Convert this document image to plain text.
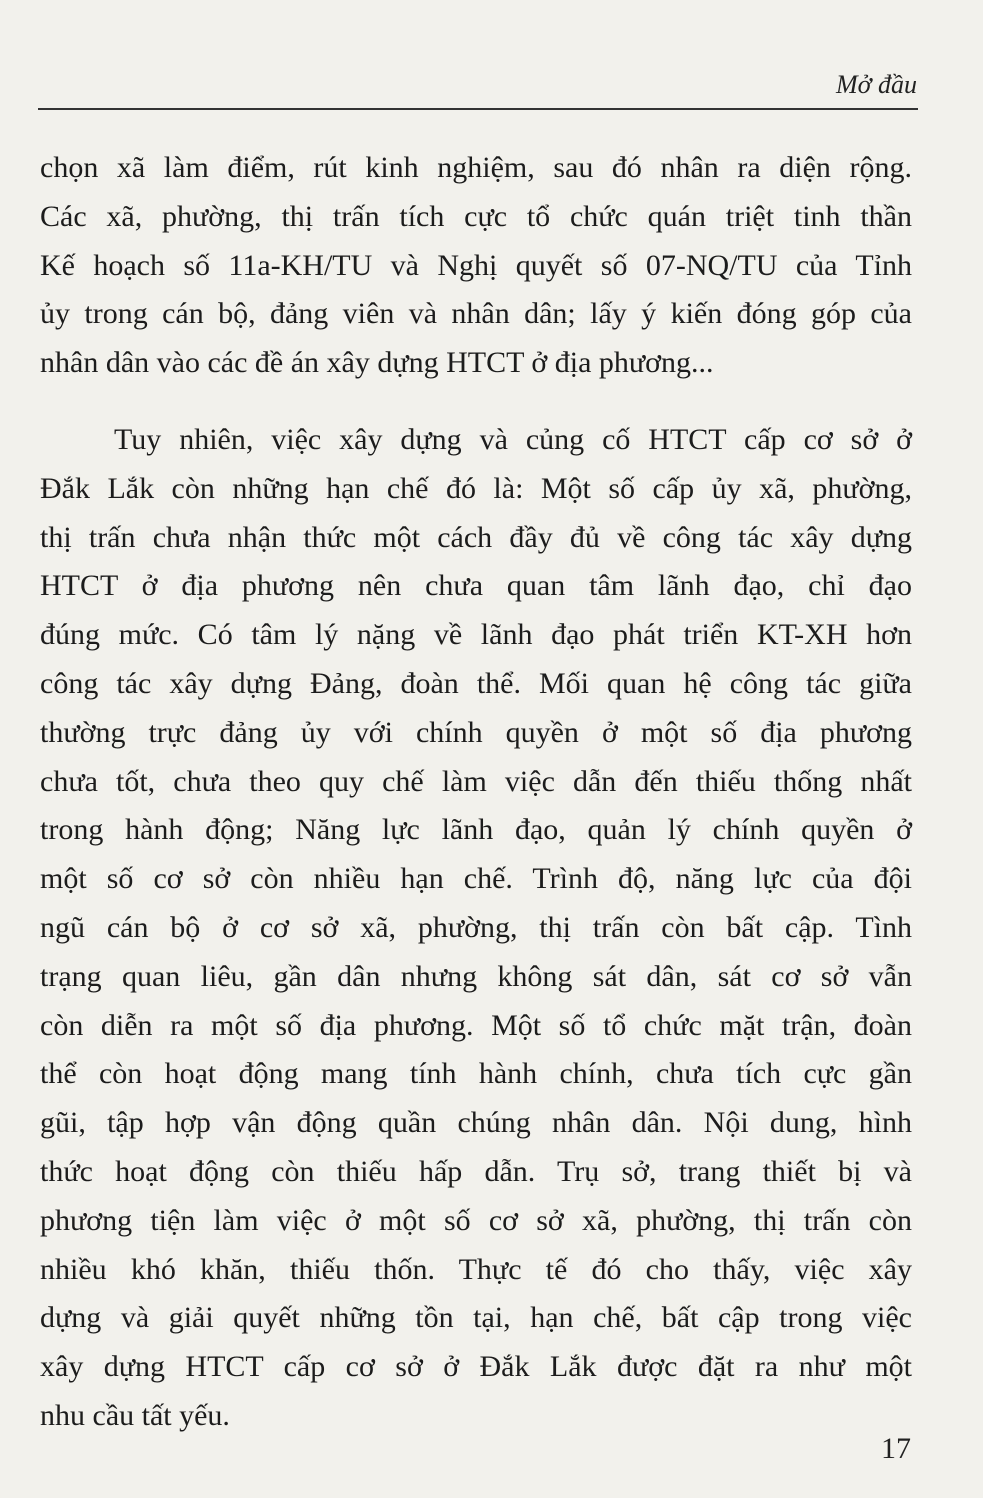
Mở đầu
chọn xã làm điểm, rút kinh nghiệm, sau đó nhân ra diện rộng.
Các xã, phường, thị trấn tích cực tổ chức quán triệt tinh thần
Kế hoạch số 11a-KH/TU và Nghị quyết số 07-NQ/TU của Tỉnh
ủy trong cán bộ, đảng viên và nhân dân; lấy ý kiến đóng góp của
nhân dân vào các đề án xây dựng HTCT ở địa phương...
Tuy nhiên, việc xây dựng và củng cố HTCT cấp cơ sở ở
Đắk Lắk còn những hạn chế đó là: Một số cấp ủy xã, phường,
thị trấn chưa nhận thức một cách đầy đủ về công tác xây dựng
HTCT ở địa phương nên chưa quan tâm lãnh đạo, chỉ đạo
đúng mức. Có tâm lý nặng về lãnh đạo phát triển KT-XH hơn
công tác xây dựng Đảng, đoàn thể. Mối quan hệ công tác giữa
thường trực đảng ủy với chính quyền ở một số địa phương
chưa tốt, chưa theo quy chế làm việc dẫn đến thiếu thống nhất
trong hành động; Năng lực lãnh đạo, quản lý chính quyền ở
một số cơ sở còn nhiều hạn chế. Trình độ, năng lực của đội
ngũ cán bộ ở cơ sở xã, phường, thị trấn còn bất cập. Tình
trạng quan liêu, gần dân nhưng không sát dân, sát cơ sở vẫn
còn diễn ra một số địa phương. Một số tổ chức mặt trận, đoàn
thể còn hoạt động mang tính hành chính, chưa tích cực gần
gũi, tập hợp vận động quần chúng nhân dân. Nội dung, hình
thức hoạt động còn thiếu hấp dẫn. Trụ sở, trang thiết bị và
phương tiện làm việc ở một số cơ sở xã, phường, thị trấn còn
nhiều khó khăn, thiếu thốn. Thực tế đó cho thấy, việc xây
dựng và giải quyết những tồn tại, hạn chế, bất cập trong việc
xây dựng HTCT cấp cơ sở ở Đắk Lắk được đặt ra như một
nhu cầu tất yếu.
17
